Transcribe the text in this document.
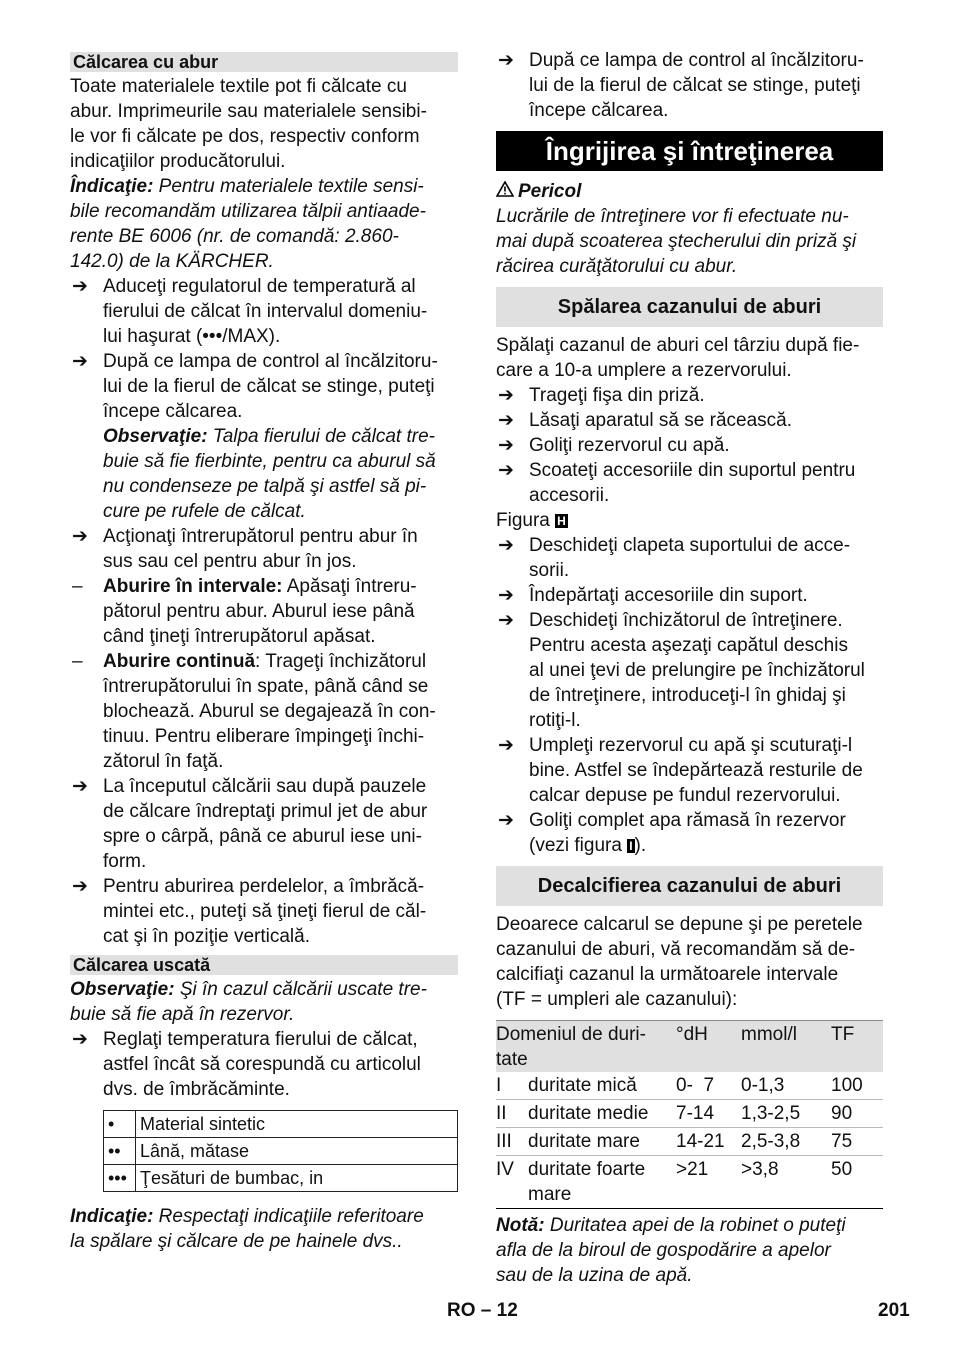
Călcarea cu abur
Toate materialele textile pot fi călcate cu
abur. Imprimeurile sau materialele sensibi-
le vor fi călcate pe dos, respectiv conform
indicaţiilor producătorului.
Îndicaţie: Pentru materialele textile sensi-
bile recomandăm utilizarea tălpii antiaade-
rente BE 6006 (nr. de comandă: 2.860-
142.0) de la KÄRCHER.
➔ Aduceţi regulatorul de temperatură al
fierului de călcat în intervalul domeniu-
lui haşurat (•••/MAX).
➔ După ce lampa de control al încălzitoru-
lui de la fierul de călcat se stinge, puteţi
începe călcarea.
Observaţie: Talpa fierului de călcat tre-
buie să fie fierbinte, pentru ca aburul să
nu condenseze pe talpă şi astfel să pi-
cure pe rufele de călcat.
➔ Acţionaţi întrerupătorul pentru abur în
sus sau cel pentru abur în jos.
–	Aburire în intervale: Apăsaţi întreru-
pătorul pentru abur. Aburul iese până
când ţineţi întrerupătorul apăsat.
–	Aburire continuă: Trageţi închizătorul
întrerupătorului în spate, până când se
blochează. Aburul se degajează în con-
tinuu. Pentru eliberare împingeţi închi-
zătorul în faţă.
➔ La începutul călcării sau după pauzele
de călcare îndreptaţi primul jet de abur
spre o cârpă, până ce aburul iese uni-
form.
➔ Pentru aburirea perdelelor, a îmbrăcă-
mintei etc., puteţi să ţineţi fierul de căl-
cat şi în poziţie verticală.
Călcarea uscată
Observaţie: Şi în cazul călcării uscate tre-
buie să fie apă în rezervor.
➔ Reglaţi temperatura fierului de călcat,
astfel încât să corespundă cu articolul
dvs. de îmbrăcăminte.
•	Material sintetic
••	Lână, mătase
•••	Ţesături de bumbac, in
Indicaţie: Respectaţi indicaţiile referitoare
la spălare şi călcare de pe hainele dvs..
➔ După ce lampa de control al încălzitoru-
lui de la fierul de călcat se stinge, puteţi
începe călcarea.
Îngrijirea şi întreţinerea
Pericol
Lucrările de întreţinere vor fi efectuate nu-
mai după scoaterea ştecherului din priză şi
răcirea curăţătorului cu abur.
Spălarea cazanului de aburi
Spălaţi cazanul de aburi cel târziu după fie-
care a 10-a umplere a rezervorului.
➔ Trageţi fişa din priză.
➔ Lăsaţi aparatul să se răcească.
➔ Goliţi rezervorul cu apă.
➔ Scoateţi accesoriile din suportul pentru
accesorii.
Figura H
➔ Deschideţi clapeta suportului de acce-
sorii.
➔ Îndepărtaţi accesoriile din suport.
➔ Deschideţi închizătorul de întreţinere.
Pentru acesta aşezaţi capătul deschis
al unei ţevi de prelungire pe închizătorul
de întreţinere, introduceţi-l în ghidaj şi
rotiţi-l.
➔ Umpleţi rezervorul cu apă şi scuturaţi-l
bine. Astfel se îndepărtează resturile de
calcar depuse pe fundul rezervorului.
➔ Goliţi complet apa rămasă în rezervor
(vezi figura I ).
Decalcifierea cazanului de aburi
Deoarece calcarul se depune şi pe peretele
cazanului de aburi, vă recomandăm să de-
calcifiaţi cazanul la următoarele intervale
(TF = umpleri ale cazanului):
Domeniul de duri-
tate		°dH	mmol/l	TF
I	duritate mică	0-  7	0-1,3	100
II	duritate medie	7-14	1,3-2,5	90
III	duritate mare	14-21	2,5-3,8	75
IV	duritate foarte
mare	>21	>3,8	50
Notă: Duritatea apei de la robinet o puteţi
afla de la biroul de gospodărire a apelor
sau de la uzina de apă.
RO – 12	201
